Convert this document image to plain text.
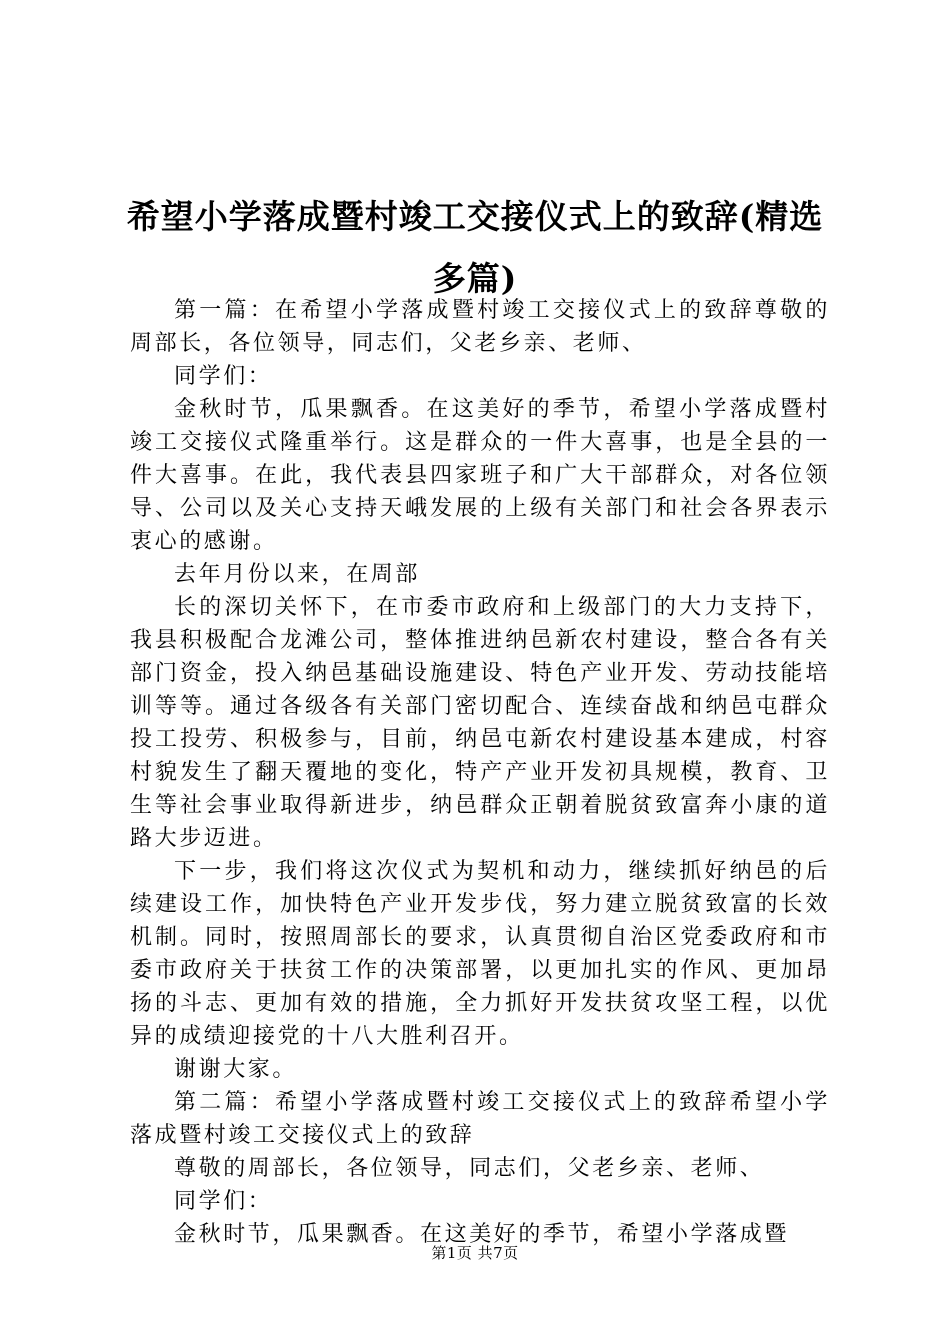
希望小学落成暨村竣工交接仪式上的致辞(精选多篇)

第一篇：在希望小学落成暨村竣工交接仪式上的致辞尊敬的周部长，各位领导，同志们，父老乡亲、老师、

同学们：

金秋时节，瓜果飘香。在这美好的季节，希望小学落成暨村竣工交接仪式隆重举行。这是群众的一件大喜事，也是全县的一件大喜事。在此，我代表县四家班子和广大干部群众，对各位领导、公司以及关心支持天峨发展的上级有关部门和社会各界表示衷心的感谢。

去年月份以来，在周部

长的深切关怀下，在市委市政府和上级部门的大力支持下，我县积极配合龙滩公司，整体推进纳邑新农村建设，整合各有关部门资金，投入纳邑基础设施建设、特色产业开发、劳动技能培训等等。通过各级各有关部门密切配合、连续奋战和纳邑屯群众投工投劳、积极参与，目前，纳邑屯新农村建设基本建成，村容村貌发生了翻天覆地的变化，特产产业开发初具规模，教育、卫生等社会事业取得新进步，纳邑群众正朝着脱贫致富奔小康的道路大步迈进。

下一步，我们将这次仪式为契机和动力，继续抓好纳邑的后续建设工作，加快特色产业开发步伐，努力建立脱贫致富的长效机制。同时，按照周部长的要求，认真贯彻自治区党委政府和市委市政府关于扶贫工作的决策部署，以更加扎实的作风、更加昂扬的斗志、更加有效的措施，全力抓好开发扶贫攻坚工程，以优异的成绩迎接党的十八大胜利召开。

谢谢大家。

第二篇：希望小学落成暨村竣工交接仪式上的致辞希望小学落成暨村竣工交接仪式上的致辞

尊敬的周部长，各位领导，同志们，父老乡亲、老师、

同学们：

金秋时节，瓜果飘香。在这美好的季节，希望小学落成暨

第1页 共7页
